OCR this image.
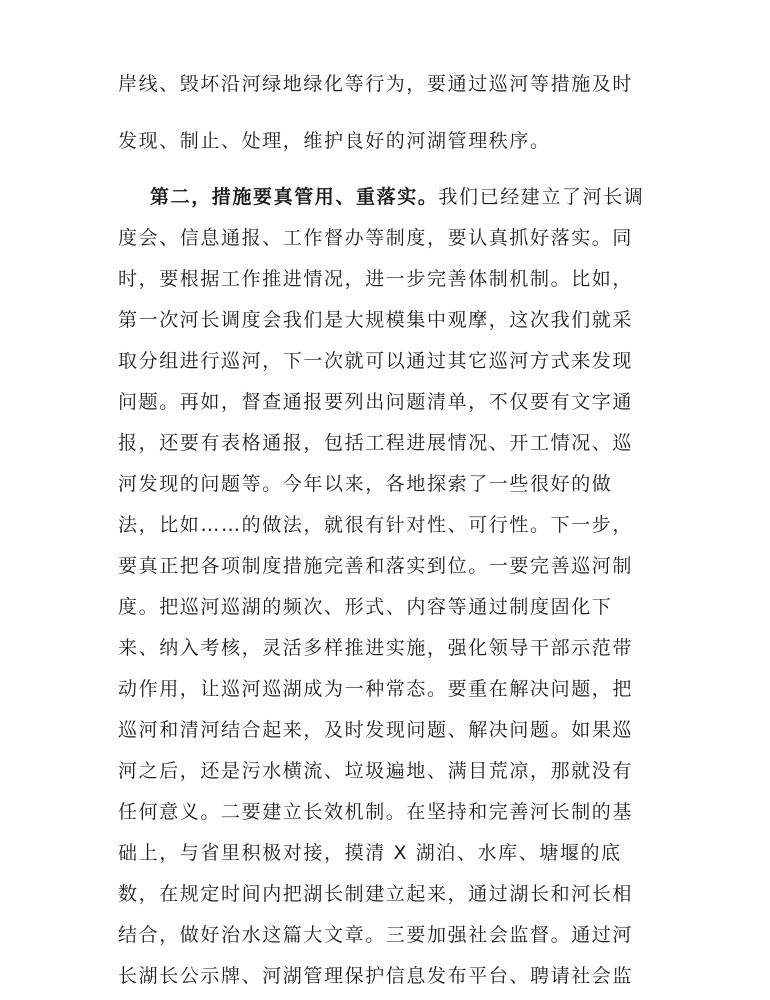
岸线、毁坏沿河绿地绿化等行为，要通过巡河等措施及时
发现、制止、处理，维护良好的河湖管理秩序。
第二，措施要真管用、重落实。我们已经建立了河长调
度会、信息通报、工作督办等制度，要认真抓好落实。同
时，要根据工作推进情况，进一步完善体制机制。比如，
第一次河长调度会我们是大规模集中观摩，这次我们就采
取分组进行巡河，下一次就可以通过其它巡河方式来发现
问题。再如，督查通报要列出问题清单，不仅要有文字通
报，还要有表格通报，包括工程进展情况、开工情况、巡
河发现的问题等。今年以来，各地探索了一些很好的做
法，比如……的做法，就很有针对性、可行性。下一步，
要真正把各项制度措施完善和落实到位。一要完善巡河制
度。把巡河巡湖的频次、形式、内容等通过制度固化下
来、纳入考核，灵活多样推进实施，强化领导干部示范带
动作用，让巡河巡湖成为一种常态。要重在解决问题，把
巡河和清河结合起来，及时发现问题、解决问题。如果巡
河之后，还是污水横流、垃圾遍地、满目荒凉，那就没有
任何意义。二要建立长效机制。在坚持和完善河长制的基
础上，与省里积极对接，摸清 X 湖泊、水库、塘堰的底
数，在规定时间内把湖长制建立起来，通过湖长和河长相
结合，做好治水这篇大文章。三要加强社会监督。通过河
长湖长公示牌、河湖管理保护信息发布平台、聘请社会监
